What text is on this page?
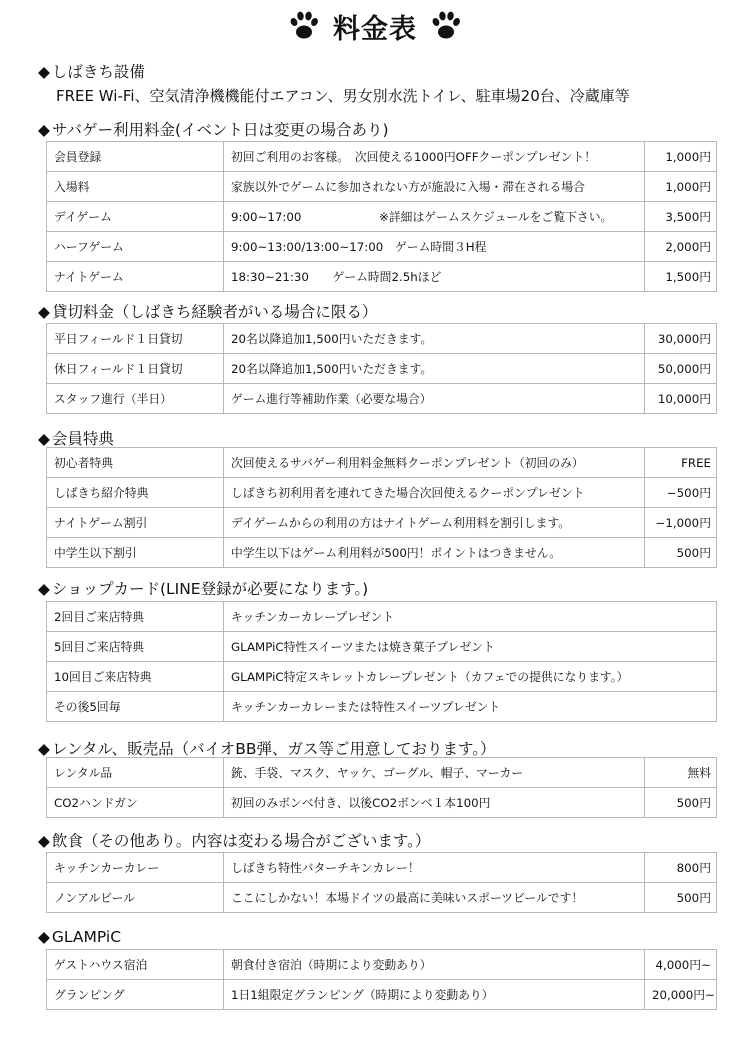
料金表
◆ しばきち設備
FREE Wi-Fi、空気清浄機機能付エアコン、男女別水洗トイレ、駐車場20台、冷蔵庫等
◆ サバゲー利用料金(イベント日は変更の場合あり)
会員登録	初回ご利用のお客様。　次回使える1000円OFFクーポンプレゼント！	1,000円
入場料	家族以外でゲームに参加されない方が施設に入場・滞在される場合	1,000円
デイゲーム	9:00~17:00 ※詳細はゲームスケジュールをご覧下さい。	3,500円
ハーフゲーム	9:00~13:00/13:00~17:00　ゲーム時間３H程	2,000円
ナイトゲーム	18:30~21:30　　ゲーム時間2.5hほど	1,500円
◆ 貸切料金（しばきち経験者がいる場合に限る）
平日フィールド１日貸切	20名以降追加1,500円いただきます。	30,000円
休日フィールド１日貸切	20名以降追加1,500円いただきます。	50,000円
スタッフ進行（半日）	ゲーム進行等補助作業（必要な場合）	10,000円
◆ 会員特典
初心者特典	次回使えるサバゲー利用料金無料クーポンプレゼント（初回のみ）	FREE
しばきち紹介特典	しばきち初利用者を連れてきた場合次回使えるクーポンプレゼント	−500円
ナイトゲーム割引	デイゲームからの利用の方はナイトゲーム利用料を割引します。	−1,000円
中学生以下割引	中学生以下はゲーム利用料が500円！ポイントはつきません。	500円
◆ ショップカード(LINE登録が必要になります。)
2回目ご来店特典	キッチンカーカレープレゼント
5回目ご来店特典	GLAMPiC特性スイーツまたは焼き菓子プレゼント
10回目ご来店特典	GLAMPiC特定スキレットカレープレゼント（カフェでの提供になります。）
その後5回毎	キッチンカーカレーまたは特性スイーツプレゼント
◆ レンタル、販売品（バイオBB弾、ガス等ご用意しております。）
レンタル品	銃、手袋、マスク、ヤッケ、ゴーグル、帽子、マーカー	無料
CO2ハンドガン	初回のみボンベ付き、以後CO2ボンベ１本100円	500円
◆ 飲食（その他あり。内容は変わる場合がございます。）
キッチンカーカレー	しばきち特性バターチキンカレー！	800円
ノンアルビール	ここにしかない！本場ドイツの最高に美味いスポーツビールです！	500円
◆ GLAMPiC
ゲストハウス宿泊	朝食付き宿泊（時期により変動あり）	4,000円~
グランピング	1日1組限定グランピング（時期により変動あり）	20,000円~
